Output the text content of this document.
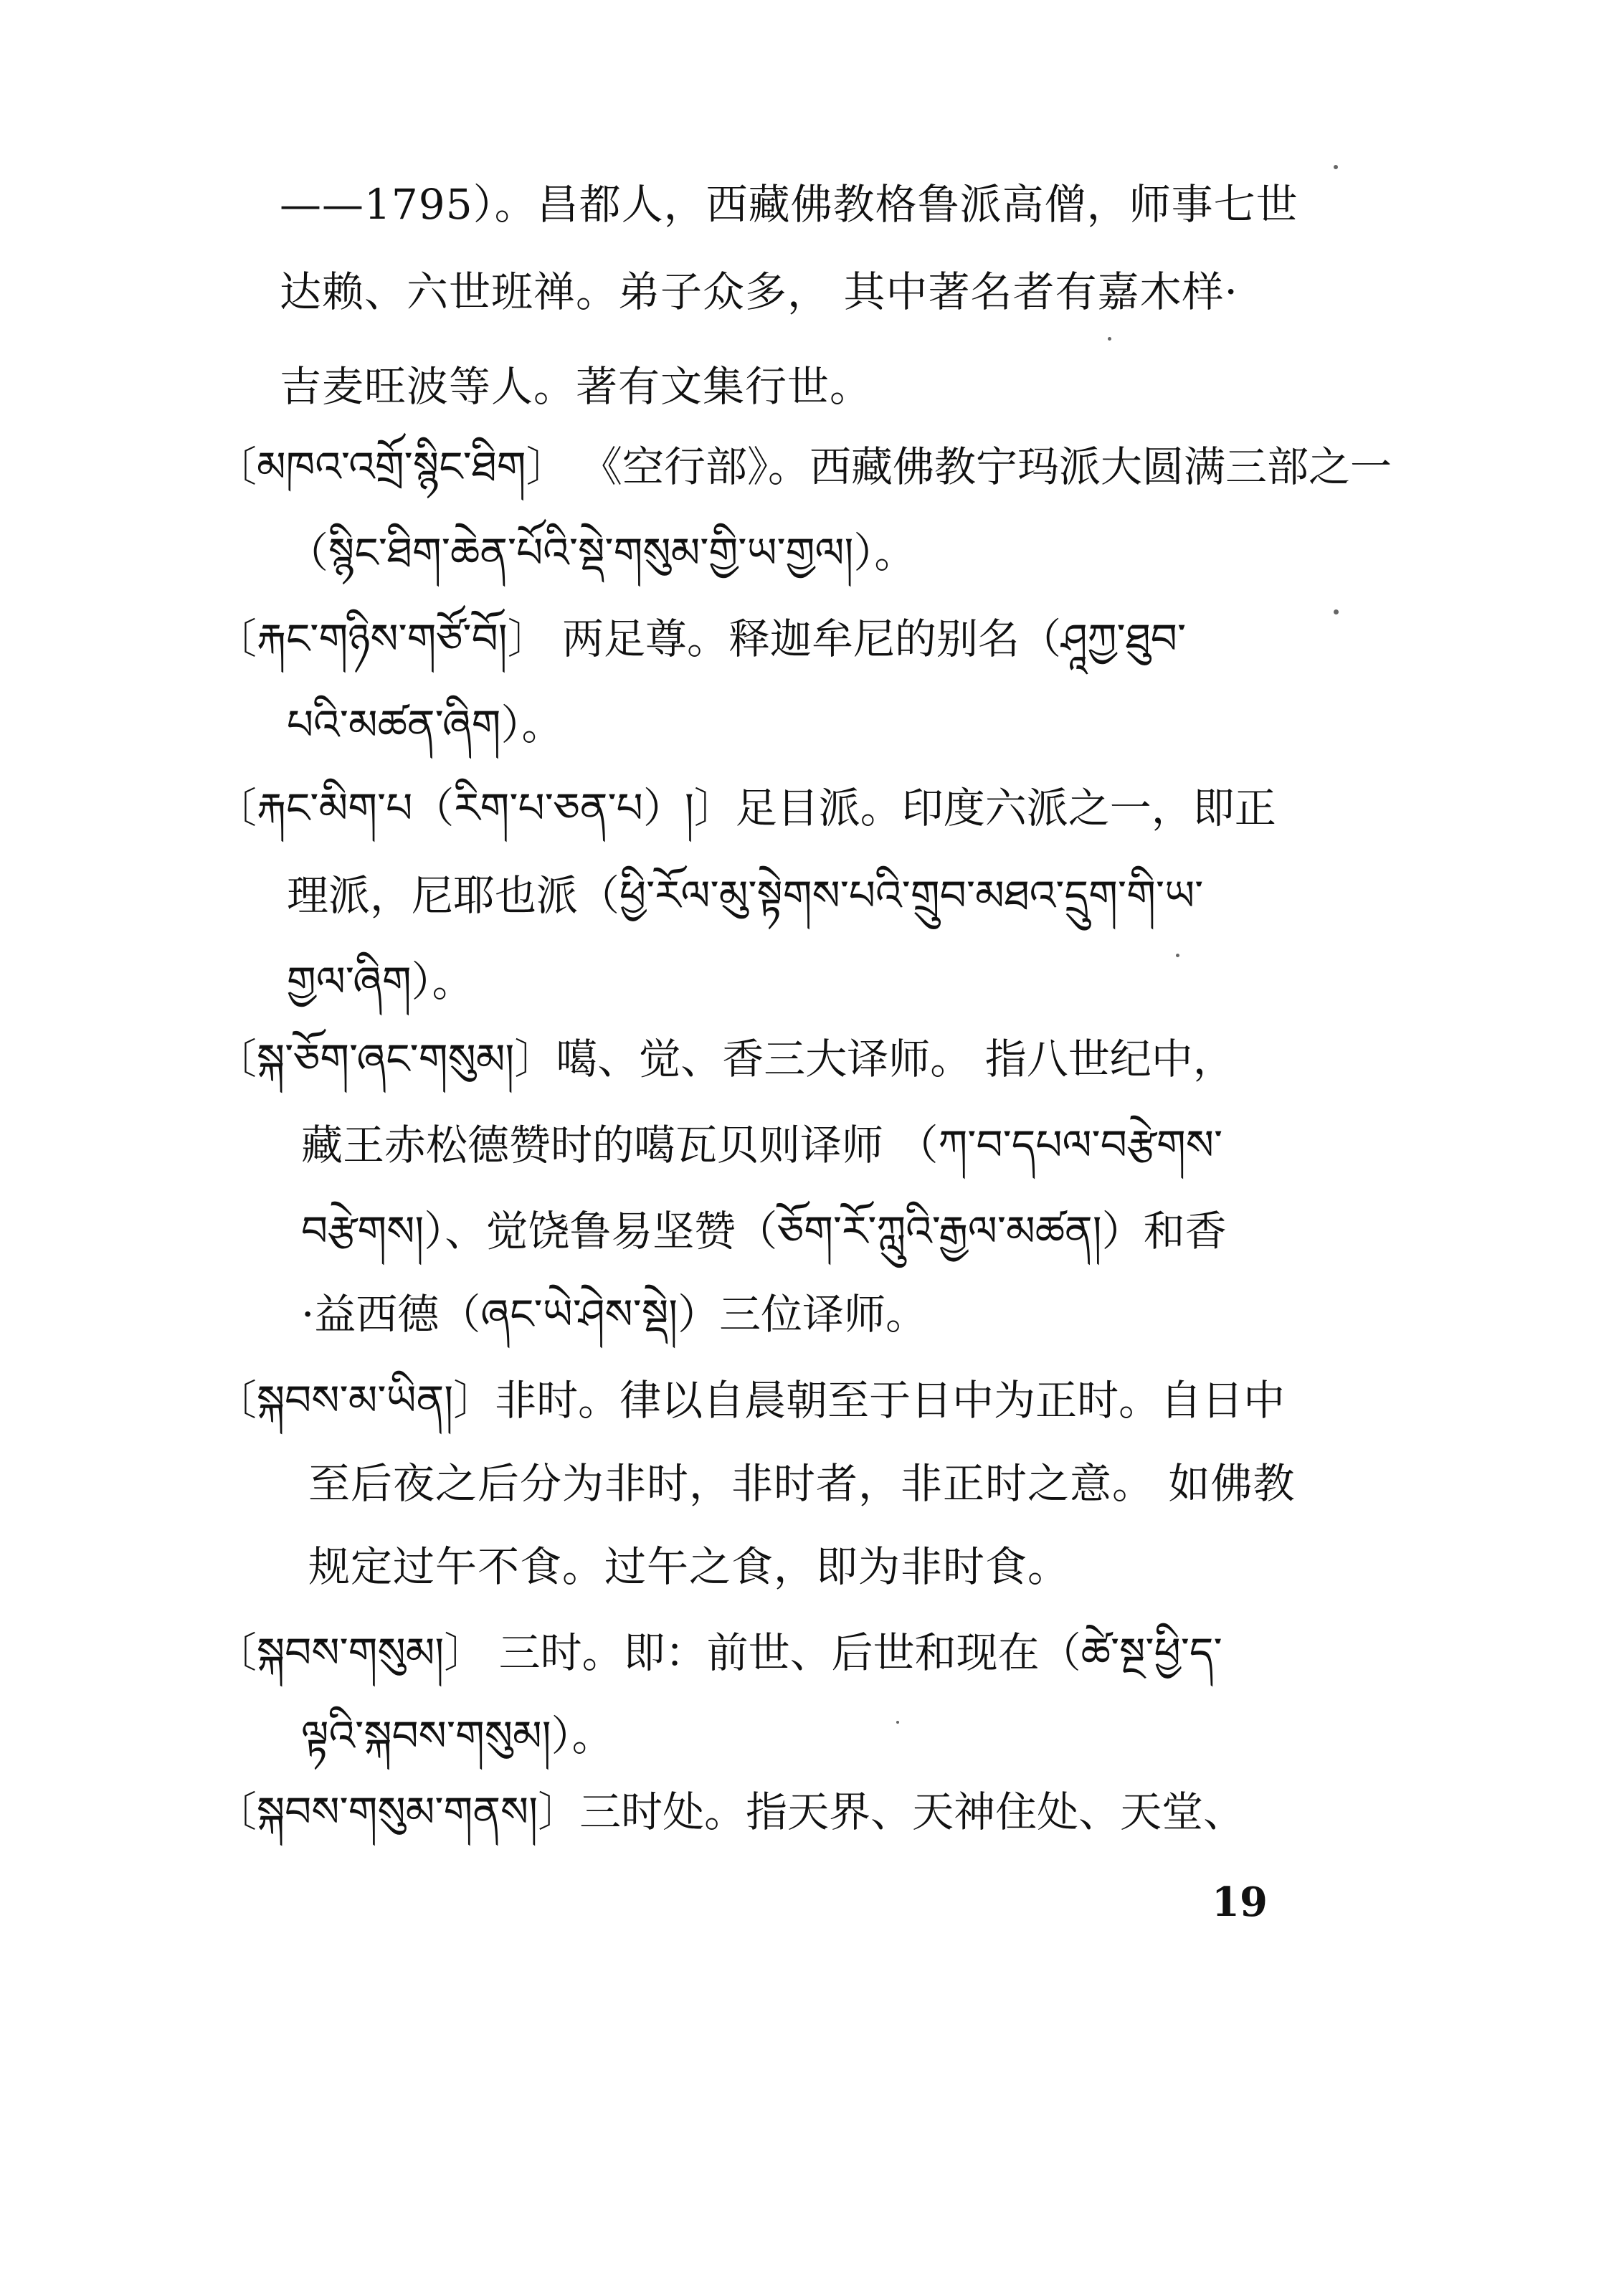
——1795）。昌都人，西藏佛教格鲁派高僧，师事七世
达赖、六世班禅。弟子众多， 其中著名者有嘉木样·
吉麦旺波等人。著有文集行世。
〔མཁའ་འགྲོ་སྙིང་ཐིག〕 《空行部》。西藏佛教宁玛派大圆满三部之一
（སྙིང་ཐིག་ཆེན་པོའི་སྡེ་གསུམ་གྱི་ཡ་གྱལ།）。
〔རྐང་གཉིས་གཙོ་བོ།〕 两足尊。释迦牟尼的别名（ཤཱཀྱ་ཐུབ་
པའི་མཚན་ཞིག）。
〔རྐང་མིག་པ（རིག་པ་ཅན་པ）།〕足目派。印度六派之一，即正
理派，尼耶也派（ཕྱི་རོལ་མུ་སྟེགས་པའི་གྲུབ་མཐའ་དྲུག་གི་ཡ་
གྱལ་ཞིག）。
〔སྐ་ཅོག་ཞང་གསུམ།〕噶、觉、香三大译师。 指八世纪中，
藏王赤松德赞时的噶瓦贝则译师 （ཀ་བ་དཔལ་བརྩེགས་
བརྩེགས།）、觉饶鲁易坚赞（ཅོག་རོ་ཀླུའི་རྒྱལ་མཚན།）和香
·益西德（ཞང་ཡེ་ཤེས་སྡེ།）三位译师。
〔སྐབས་མ་ཡིན།〕非时。律以自晨朝至于日中为正时。自日中
至后夜之后分为非时，非时者，非正时之意。 如佛教
规定过午不食。过午之食，即为非时食。
〔སྐབས་གསུམ།〕 三时。即：前世、后世和现在（ཚེ་སྔ་ཕྱི་ད་
ལྟའི་སྐབས་གསུམ།）。
〔སྐབས་གསུམ་གནས།〕三时处。指天界、天神住处、天堂、
19
